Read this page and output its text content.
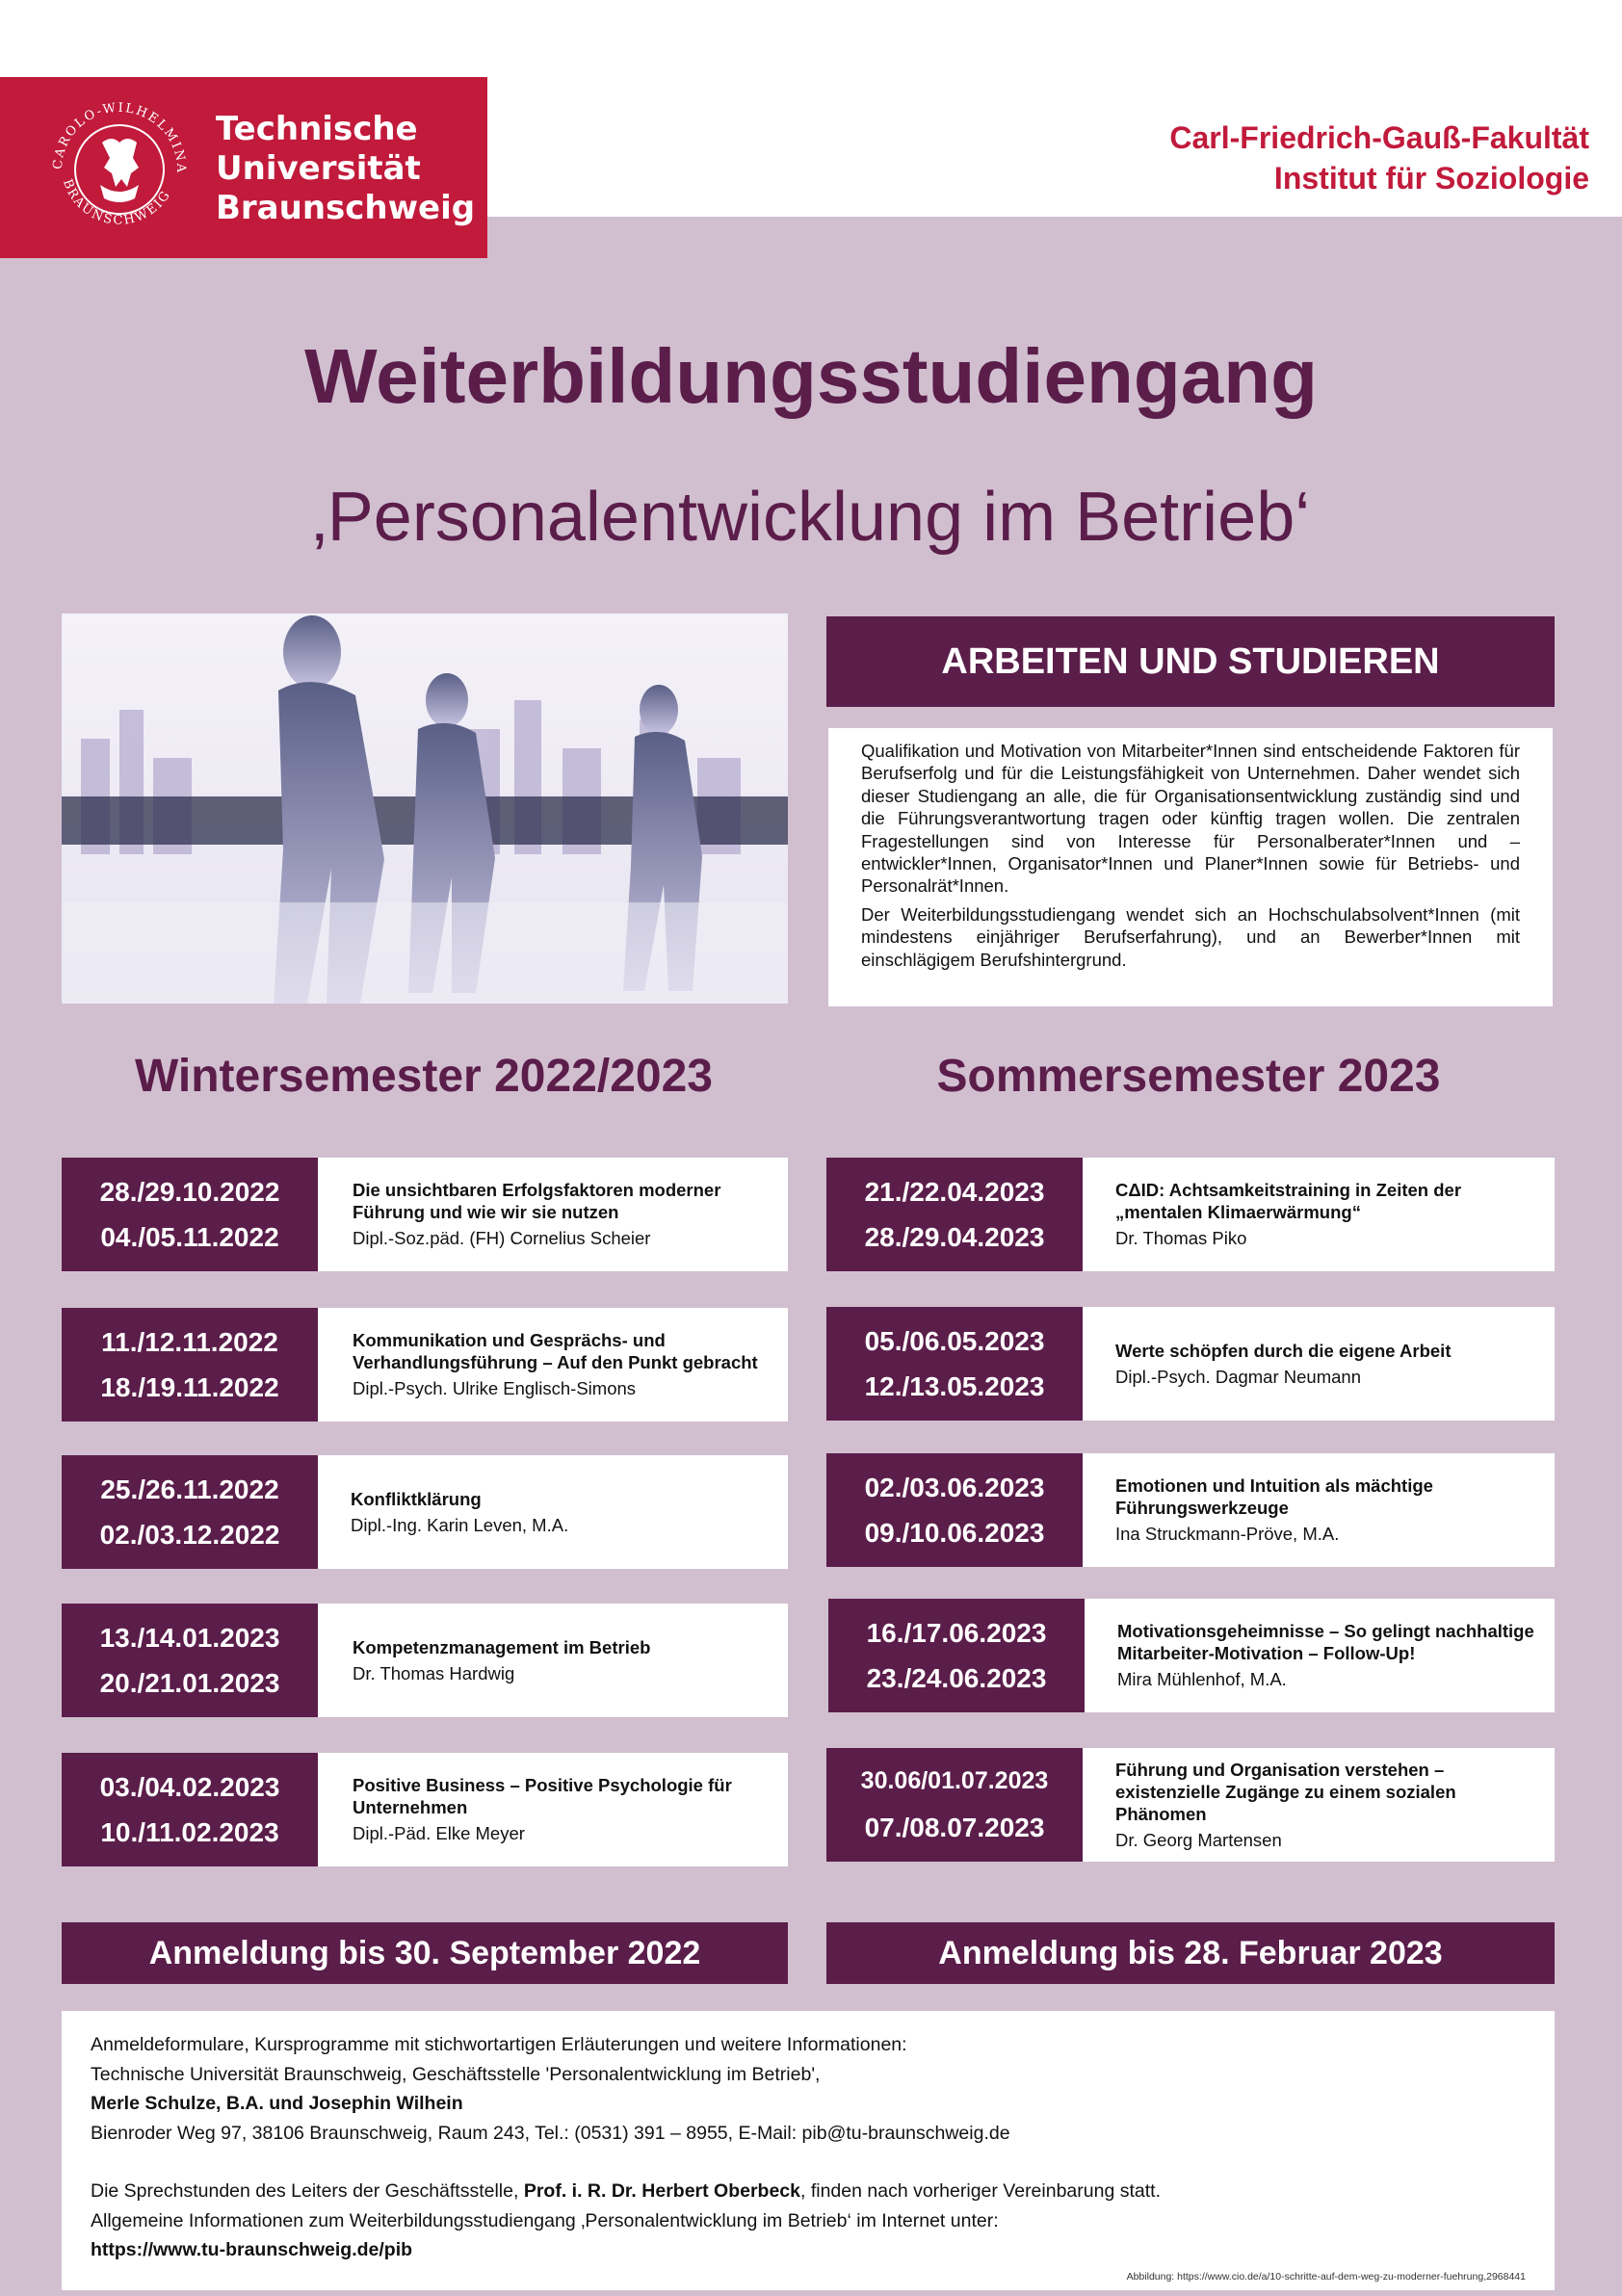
CAROLO-WILHELMINA
BRAUNSCHWEIG
Technische
Universität
Braunschweig
Carl-Friedrich-Gauß-Fakultät
Institut für Soziologie
Weiterbildungsstudiengang
‚Personalentwicklung im Betrieb‘
ARBEITEN UND STUDIEREN

Qualifikation und Motivation von Mitarbeiter*Innen sind entscheidende Faktoren für Berufserfolg und für die Leistungsfähigkeit von Unternehmen. Daher wendet sich dieser Studiengang an alle, die für Organisationsentwicklung zuständig sind und die Führungsverantwortung tragen oder künftig tragen wollen. Die zentralen Fragestellungen sind von Interesse für Personalberater*Innen und –entwickler*Innen, Organisator*Innen und Planer*Innen sowie für Betriebs- und Personalrät*Innen.

Der Weiterbildungsstudiengang wendet sich an Hochschulabsolvent*Innen (mit mindestens einjähriger Berufserfahrung), und an Bewerber*Innen mit einschlägigem Berufshintergrund.

Wintersemester 2022/2023	Sommersemester 2023
28./29.10.2022
04./05.11.2022
Die unsichtbaren Erfolgsfaktoren moderner Führung und wie wir sie nutzen
Dipl.-Soz.päd. (FH) Cornelius Scheier
11./12.11.2022
18./19.11.2022
Kommunikation und Gesprächs- und Verhandlungsführung – Auf den Punkt gebracht
Dipl.-Psych. Ulrike Englisch-Simons
25./26.11.2022
02./03.12.2022
Konfliktklärung
Dipl.-Ing. Karin Leven, M.A.
13./14.01.2023
20./21.01.2023
Kompetenzmanagement im Betrieb
Dr. Thomas Hardwig
03./04.02.2023
10./11.02.2023
Positive Business – Positive Psychologie für Unternehmen
Dipl.-Päd. Elke Meyer
21./22.04.2023
28./29.04.2023
CΔID: Achtsamkeitstraining in Zeiten der „mentalen Klimaerwärmung“
Dr. Thomas Piko
05./06.05.2023
12./13.05.2023
Werte schöpfen durch die eigene Arbeit
Dipl.-Psych. Dagmar Neumann
02./03.06.2023
09./10.06.2023
Emotionen und Intuition als mächtige Führungswerkzeuge
Ina Struckmann-Pröve, M.A.
16./17.06.2023
23./24.06.2023
Motivationsgeheimnisse – So gelingt nachhaltige Mitarbeiter-Motivation – Follow-Up!
Mira Mühlenhof, M.A.
30.06/01.07.2023
07./08.07.2023
Führung und Organisation verstehen – existenzielle Zugänge zu einem sozialen Phänomen
Dr. Georg Martensen
Anmeldung bis 30. September 2022	Anmeldung bis 28. Februar 2023
Anmeldeformulare, Kursprogramme mit stichwortartigen Erläuterungen und weitere Informationen:
Technische Universität Braunschweig, Geschäftsstelle 'Personalentwicklung im Betrieb',
Merle Schulze, B.A. und Josephin Wilhein
Bienroder Weg 97, 38106 Braunschweig, Raum 243, Tel.: (0531) 391 – 8955, E-Mail: pib@tu-braunschweig.de
Die Sprechstunden des Leiters der Geschäftsstelle, Prof. i. R. Dr. Herbert Oberbeck, finden nach vorheriger Vereinbarung statt.
Allgemeine Informationen zum Weiterbildungsstudiengang ‚Personalentwicklung im Betrieb‘ im Internet unter:
https://www.tu-braunschweig.de/pib
Abbildung: https://www.cio.de/a/10-schritte-auf-dem-weg-zu-moderner-fuehrung,2968441
